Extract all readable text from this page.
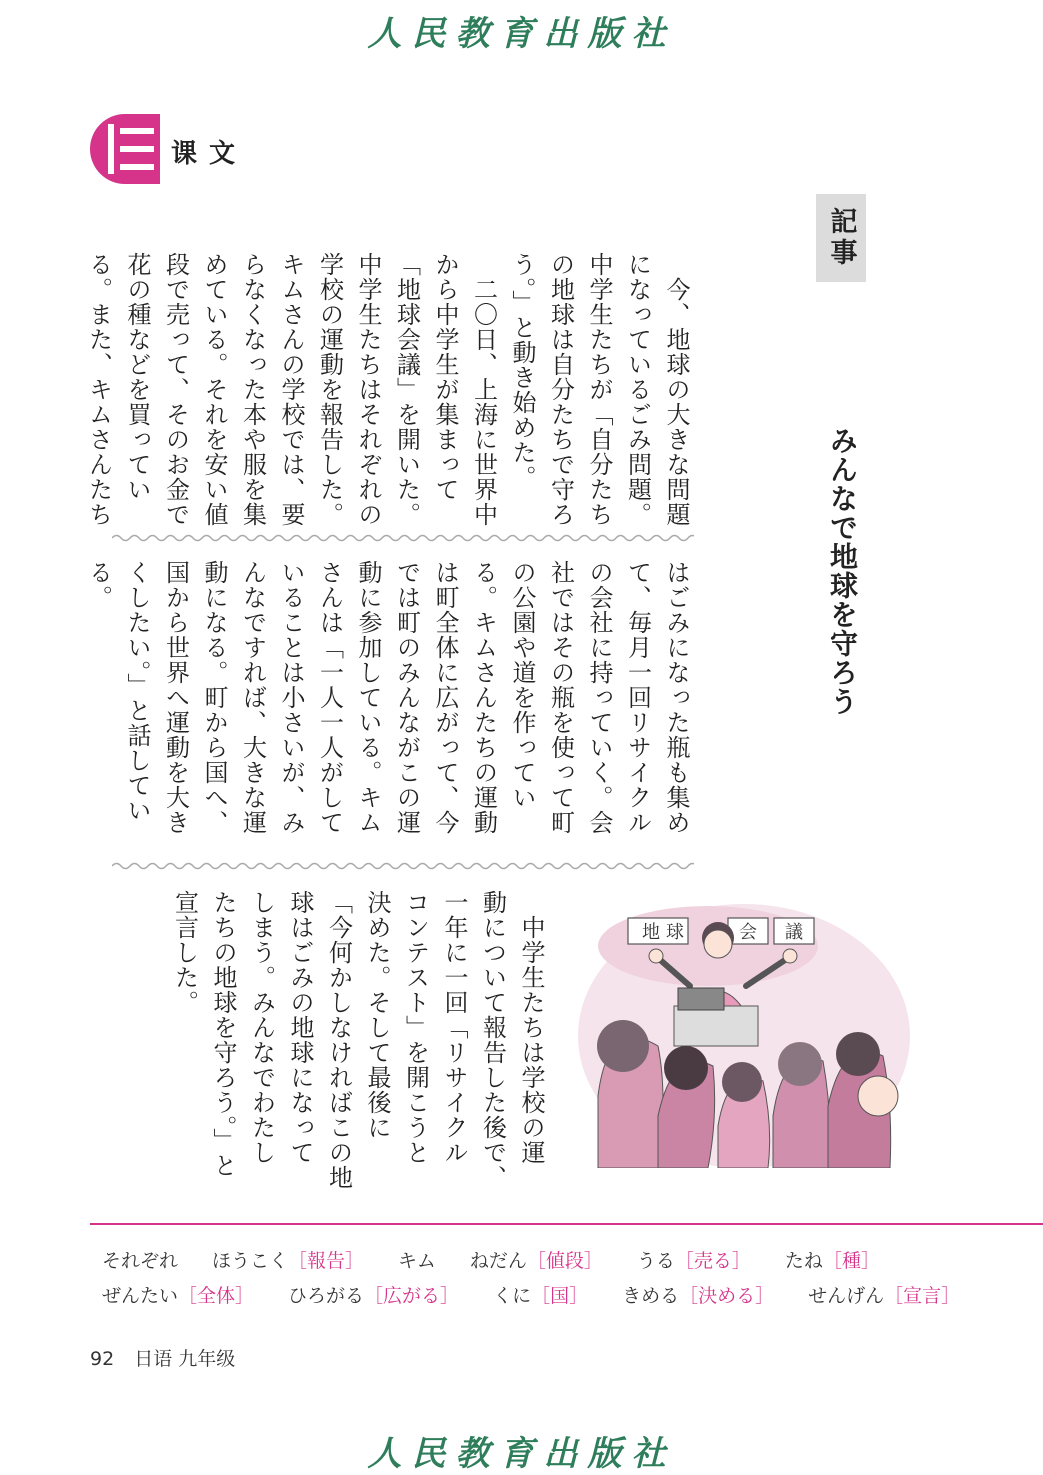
人民教育出版社
课文
記事
みんなで地球を守ろう
　今、地球の大きな問題
になっているごみ問題。
中学生たちが「自分たち
の地球は自分たちで守ろ
う。」と動き始めた。
　二〇日、上海に世界中
から中学生が集まって
「地球会議」を開いた。
中学生たちはそれぞれの
学校の運動を報告した。
キムさんの学校では、要
らなくなった本や服を集
めている。それを安い値
段で売って、そのお金で
花の種などを買ってい
る。また、キムさんたち
はごみになった瓶も集め
て、毎月一回リサイクル
の会社に持っていく。会
社ではその瓶を使って町
の公園や道を作ってい
る。キムさんたちの運動
は町全体に広がって、今
では町のみんながこの運
動に参加している。キム
さんは「一人一人がして
いることは小さいが、み
んなですれば、大きな運
動になる。町から国へ、
国から世界へ運動を大き
くしたい。」と話してい
る。
　中学生たちは学校の運
動について報告した後で、
一年に一回「リサイクル
コンテスト」を開こうと
決めた。そして最後に
「今何かしなければこの地
球はごみの地球になって
しまう。みんなでわたし
たちの地球を守ろう。」と
宣言した。	地 球	会 議
それぞれ ほうこく［報告］ キム ねだん［値段］ うる［売る］ たね［種］
ぜんたい［全体］ ひろがる［広がる］ くに［国］ きめる［決める］ せんげん［宣言］
92 日语 九年级
人民教育出版社
